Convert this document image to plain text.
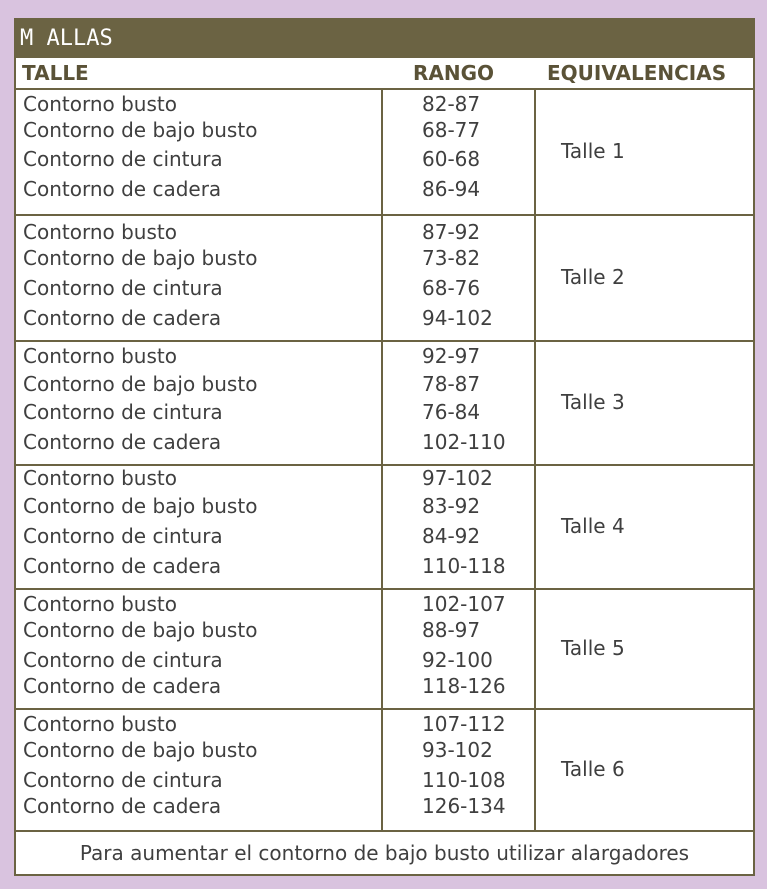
M ALLAS
TALLE	RANGO	EQUIVALENCIAS
Contorno busto	82-87
Contorno de bajo busto	68-77
Contorno de cintura	60-68
Contorno de cadera	86-94
Talle 1
Contorno busto	87-92
Contorno de bajo busto	73-82
Contorno de cintura	68-76
Contorno de cadera	94-102
Talle 2
Contorno busto	92-97
Contorno de bajo busto	78-87
Contorno de cintura	76-84
Contorno de cadera	102-110
Talle 3
Contorno busto	97-102
Contorno de bajo busto	83-92
Contorno de cintura	84-92
Contorno de cadera	110-118
Talle 4
Contorno busto	102-107
Contorno de bajo busto	88-97
Contorno de cintura	92-100
Contorno de cadera	118-126
Talle 5
Contorno busto	107-112
Contorno de bajo busto	93-102
Contorno de cintura	110-108
Contorno de cadera	126-134
Talle 6
Para aumentar el contorno de bajo busto utilizar alargadores
